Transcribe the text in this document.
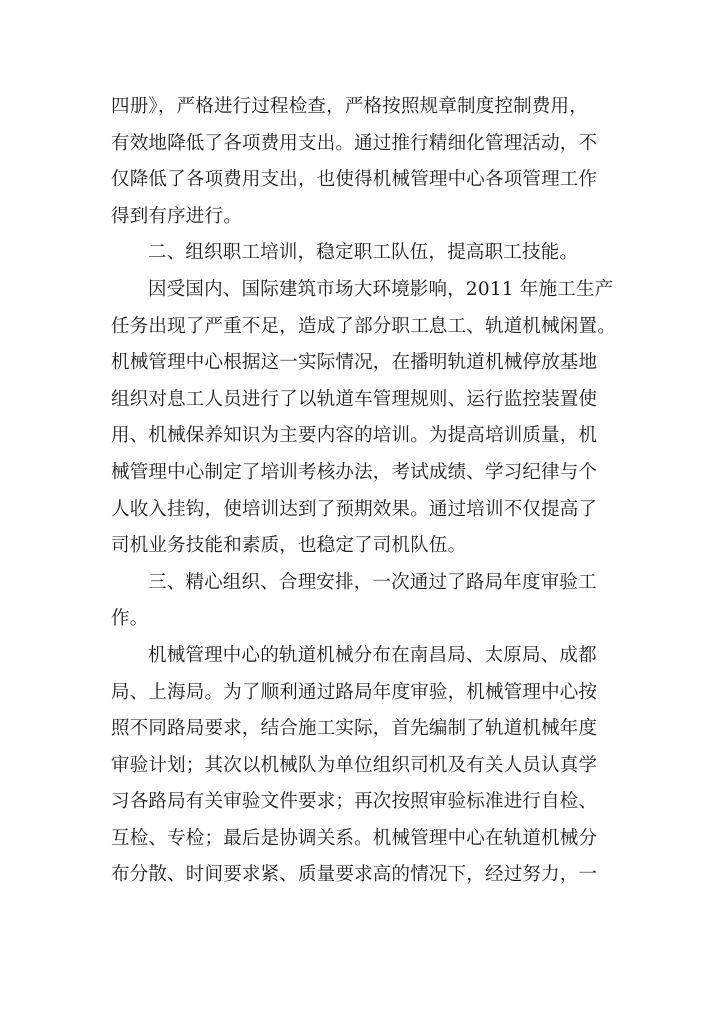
四册》，严格进行过程检查，严格按照规章制度控制费用，
有效地降低了各项费用支出。通过推行精细化管理活动，不
仅降低了各项费用支出，也使得机械管理中心各项管理工作
得到有序进行。
二、组织职工培训，稳定职工队伍，提高职工技能。
因受国内、国际建筑市场大环境影响，2011 年施工生产
任务出现了严重不足，造成了部分职工息工、轨道机械闲置。
机械管理中心根据这一实际情况，在播明轨道机械停放基地
组织对息工人员进行了以轨道车管理规则、运行监控装置使
用、机械保养知识为主要内容的培训。为提高培训质量，机
械管理中心制定了培训考核办法，考试成绩、学习纪律与个
人收入挂钩，使培训达到了预期效果。通过培训不仅提高了
司机业务技能和素质，也稳定了司机队伍。
三、精心组织、合理安排，一次通过了路局年度审验工
作。
机械管理中心的轨道机械分布在南昌局、太原局、成都
局、上海局。为了顺利通过路局年度审验，机械管理中心按
照不同路局要求，结合施工实际，首先编制了轨道机械年度
审验计划；其次以机械队为单位组织司机及有关人员认真学
习各路局有关审验文件要求；再次按照审验标准进行自检、
互检、专检；最后是协调关系。机械管理中心在轨道机械分
布分散、时间要求紧、质量要求高的情况下，经过努力，一
